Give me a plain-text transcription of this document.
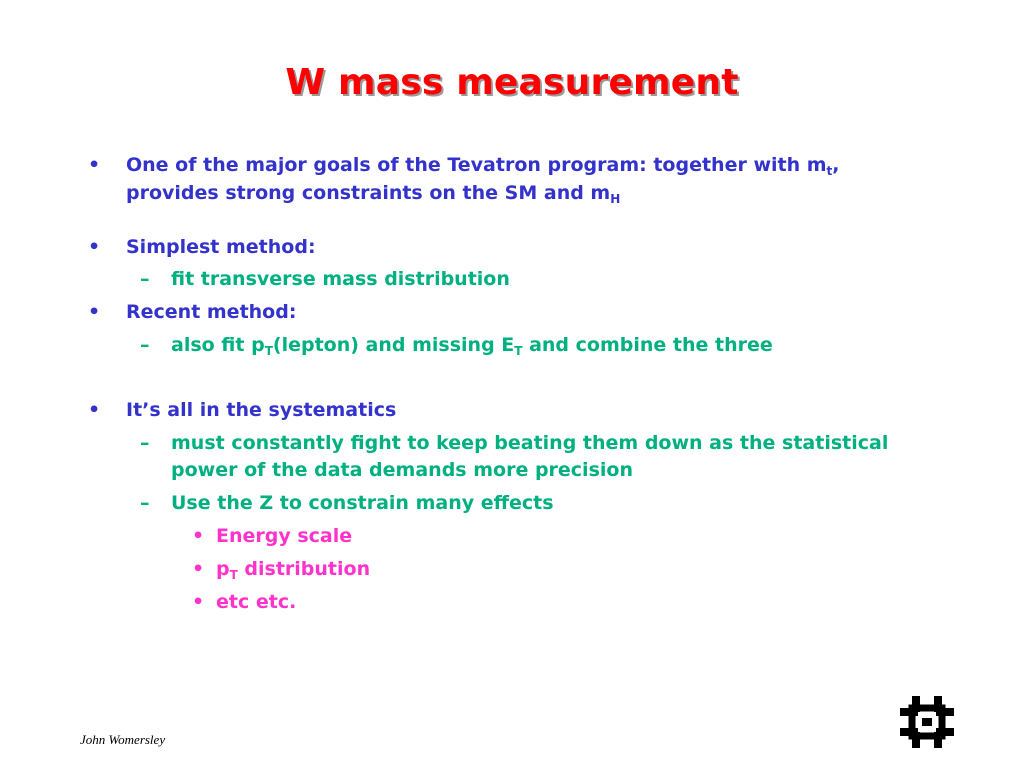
W mass measurement
• One of the major goals of the Tevatron program: together with $m_t$,
provides strong constraints on the SM and $m_H$
• Simplest method:
– fit transverse mass distribution
• Recent method:
– also fit $p_T(lepton)$ and missing $E_T$ and combine the three
• It’s all in the systematics
– must constantly fight to keep beating them down as the statistical
power of the data demands more precision
– Use the Z to constrain many effects
• Energy scale
• $p_T$ distribution
• etc etc.
John Womersley
